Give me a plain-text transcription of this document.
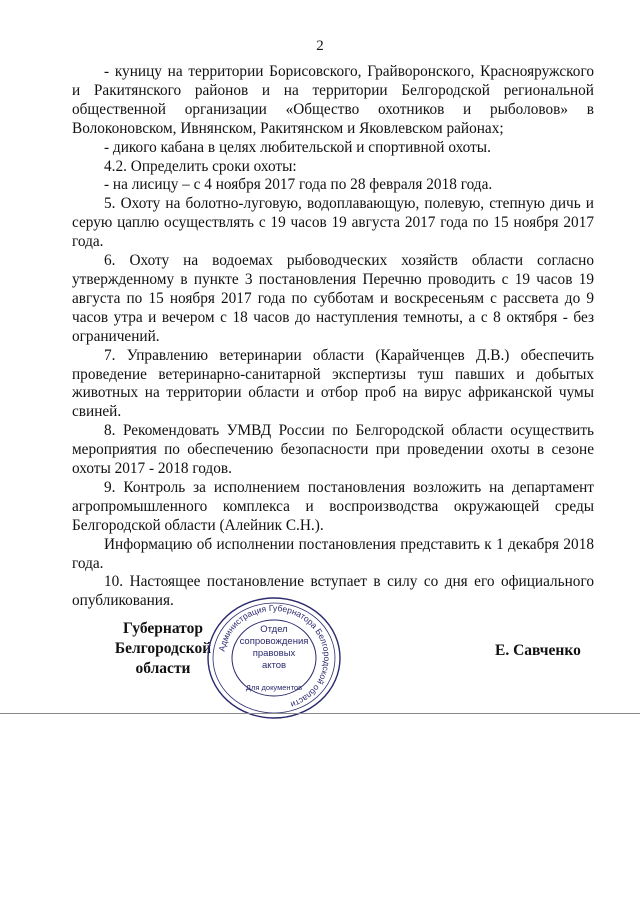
2

- куницу на территории Борисовского, Грайворонского, Краснояружского и Ракитянского районов и на территории Белгородской региональной общественной организации «Общество охотников и рыболовов» в Волоконовском, Ивнянском, Ракитянском и Яковлевском районах;

- дикого кабана в целях любительской и спортивной охоты.

4.2. Определить сроки охоты:

- на лисицу – с 4 ноября 2017 года по 28 февраля 2018 года.

5. Охоту на болотно-луговую, водоплавающую, полевую, степную дичь и серую цаплю осуществлять с 19 часов 19 августа 2017 года по 15 ноября 2017 года.

6. Охоту на водоемах рыбоводческих хозяйств области согласно утвержденному в пункте 3 постановления Перечню проводить с 19 часов 19 августа по 15 ноября 2017 года по субботам и воскресеньям с рассвета до 9 часов утра и вечером с 18 часов до наступления темноты, а с 8 октября - без ограничений.

7. Управлению ветеринарии области (Карайченцев Д.В.) обеспечить проведение ветеринарно-санитарной экспертизы туш павших и добытых животных на территории области и отбор проб на вирус африканской чумы свиней.

8. Рекомендовать УМВД России по Белгородской области осуществить мероприятия по обеспечению безопасности при проведении охоты в сезоне охоты 2017 - 2018 годов.

9. Контроль за исполнением постановления возложить на департамент агропромышленного комплекса и воспроизводства окружающей среды Белгородской области (Алейник С.Н.).

Информацию об исполнении постановления представить к 1 декабря 2018 года.

10. Настоящее постановление вступает в силу со дня его официального опубликования.

Губернатор
Белгородской области
Администрация Губернатора Белгородской области
Отдел
сопровождения
правовых
актов
Для документов
Е. Савченко
